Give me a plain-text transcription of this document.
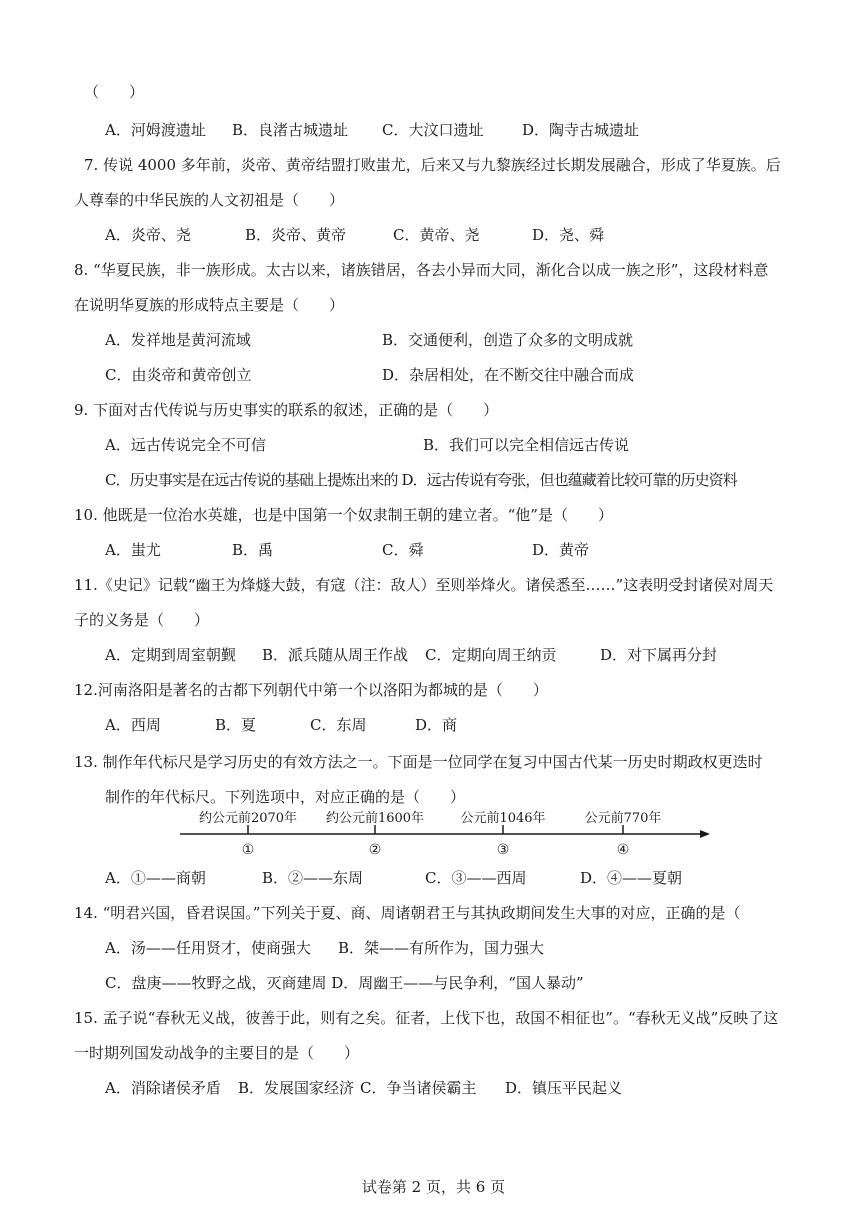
（　　）
A．河姆渡遗址 B．良渚古城遗址 C．大汶口遗址	D．陶寺古城遗址
7. 传说 4000 多年前，炎帝、黄帝结盟打败蚩尤，后来又与九黎族经过长期发展融合，形成了华夏族。后
人尊奉的中华民族的人文初祖是（　　）
A．炎帝、尧	B．炎帝、黄帝	C．黄帝、尧	D．尧、舜
8. “华夏民族，非一族形成。太古以来，诸族错居，各去小异而大同，渐化合以成一族之形”，这段材料意
在说明华夏族的形成特点主要是（　　）
A．发祥地是黄河流域	B．交通便利，创造了众多的文明成就
C．由炎帝和黄帝创立	D．杂居相处，在不断交往中融合而成
9. 下面对古代传说与历史事实的联系的叙述，正确的是（　　）
A．远古传说完全不可信	B．我们可以完全相信远古传说
C．历史事实是在远古传说的基础上提炼出来的 D．远古传说有夸张，但也蕴藏着比较可靠的历史资料
10. 他既是一位治水英雄，也是中国第一个奴隶制王朝的建立者。“他”是（　　）
A．蚩尤	B．禹	C．舜	D．黄帝
11.《史记》记载“幽王为烽燧大鼓，有寇（注：敌人）至则举烽火。诸侯悉至……”这表明受封诸侯对周天
子的义务是（　　）
A．定期到周室朝觐 B．派兵随从周王作战 C．定期向周王纳贡	D．对下属再分封
12.河南洛阳是著名的古都下列朝代中第一个以洛阳为都城的是（　　）
A．西周	B．夏	C．东周	D．商
13. 制作年代标尺是学习历史的有效方法之一。下面是一位同学在复习中国古代某一历史时期政权更迭时
制作的年代标尺。下列选项中，对应正确的是（　　）
约公元前2070年
①
约公元前1600年
②
公元前1046年
③
公元前770年
④
A．①——商朝	B．②——东周	C．③——西周	D．④——夏朝
14. “明君兴国，昏君误国。”下列关于夏、商、周诸朝君王与其执政期间发生大事的对应，正确的是（
A．汤——任用贤才，使商强大 B．桀——有所作为，国力强大
C．盘庚——牧野之战，灭商建周 D．周幽王——与民争利，“国人暴动”
15. 孟子说“春秋无义战，彼善于此，则有之矣。征者，上伐下也，敌国不相征也”。“春秋无义战”反映了这
一时期列国发动战争的主要目的是（　　）
A．消除诸侯矛盾 B．发展国家经济 C．争当诸侯霸主 D．镇压平民起义
试卷第 2 页，共 6 页
